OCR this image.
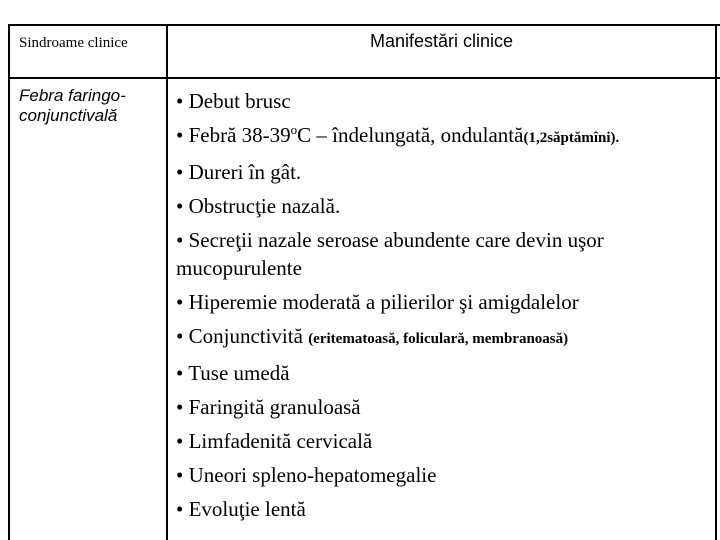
Sindroame clinice	Manifestări clinice
Febra faringo-conjunctivală
• Debut brusc
• Febră 38-39$^o$C – îndelungată, ondulantă(1,2săptămîni).
• Dureri în gât.
• Obstrucţie nazală.
• Secreţii nazale seroase abundente care devin uşor
mucopurulente
• Hiperemie moderată a pilierilor şi amigdalelor
• Conjunctivită (eritematoasă, foliculară, membranoasă)
• Tuse umedă
• Faringită granuloasă
• Limfadenită cervicală
• Uneori spleno-hepatomegalie
• Evoluţie lentă
